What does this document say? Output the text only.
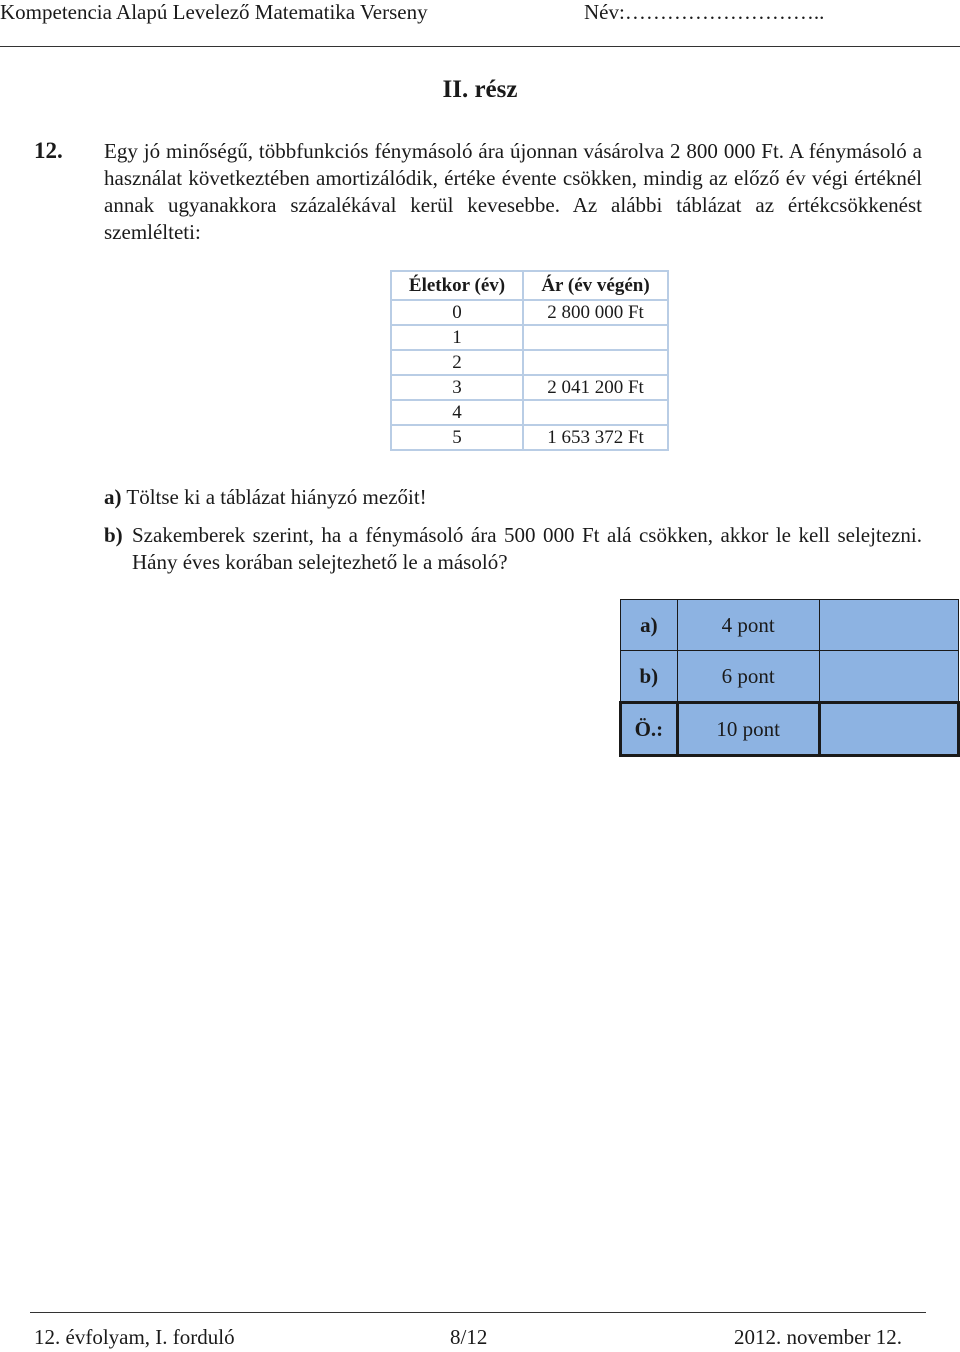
Kompetencia Alapú Levelező Matematika Verseny	Név:………………………..
II. rész
12. Egy jó minőségű, többfunkciós fénymásoló ára újonnan vásárolva 2 800 000 Ft. A fénymásoló a használat következtében amortizálódik, értéke évente csökken, mindig az előző év végi értéknél annak ugyanakkora százalékával kerül kevesebbe. Az alábbi táblázat az értékcsökkenést szemlélteti:

Életkor (év)	Ár (év végén)
0	2 800 000 Ft
1	
2	
3	2 041 200 Ft
4	
5	1 653 372 Ft
a) Töltse ki a táblázat hiányzó mezőit!
b) Szakemberek szerint, ha a fénymásoló ára 500 000 Ft alá csökken, akkor le kell selejtezni. Hány éves korában selejtezhető le a másoló?
a)	4 pont	
b)	6 pont	
Ö.:	10 pont	
12. évfolyam, I. forduló	8/12	2012. november 12.
